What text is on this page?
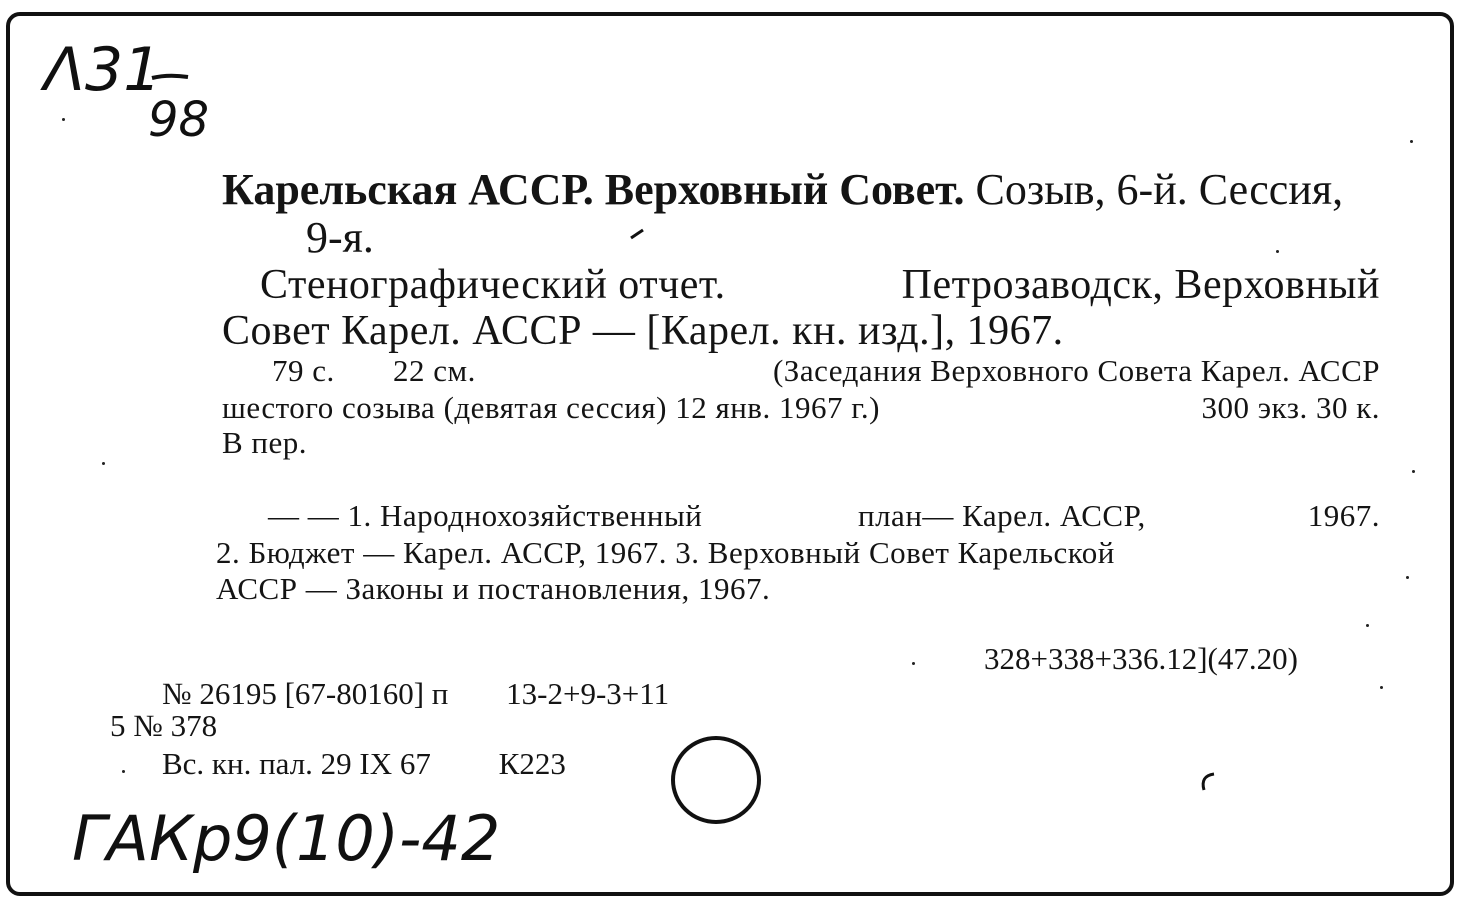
Λ31
98
Карельская АССР. Верховный Совет. Созыв, 6-й. Сессия,
9-я.
Стенографический отчет.	Петрозаводск, Верховный
Совет Карел. АССР — [Карел. кн. изд.], 1967.
79 с. 22 см.	(Заседания Верховного Совета Карел. АССР
шестого созыва (девятая сессия) 12 янв. 1967 г.)	300 экз. 30 к.
В пер.
— — 1. Народнохозяйственный	план— Карел. АССР,	1967.
2. Бюджет — Карел. АССР, 1967. 3. Верховный Совет Карельской
АССР — Законы и постановления, 1967.
328+338+336.12](47.20)
№ 26195 [67-80160] п 13-2+9-3+11
5 № 378
Вс. кн. пал. 29 IX 67 К223
ГАКр9(10)-42
